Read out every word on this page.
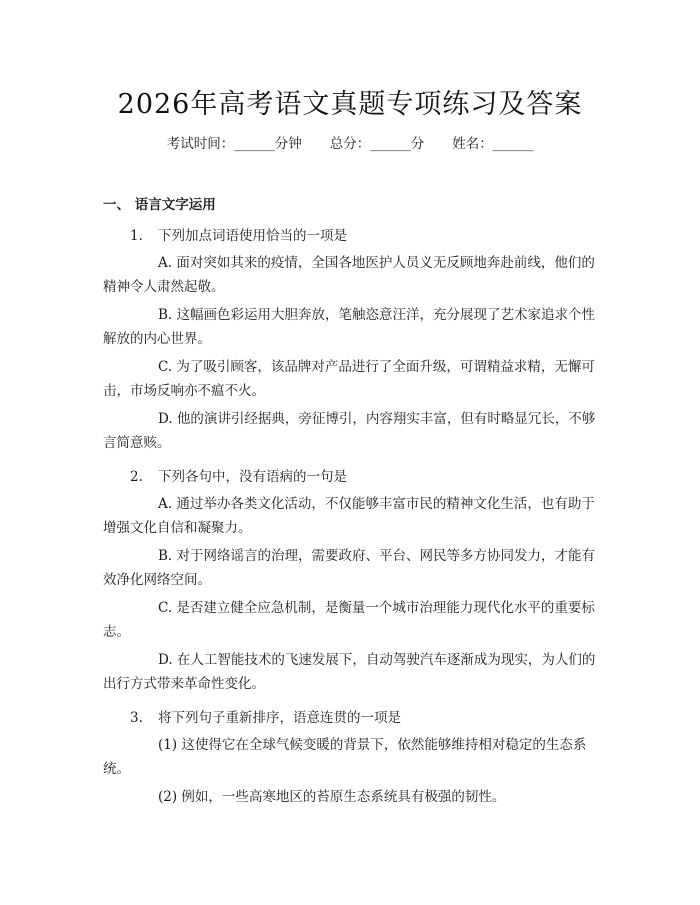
2026年高考语文真题专项练习及答案
考试时间：______分钟 总分：______分 姓名：______
一、 语言文字运用
1. 下列加点词语使用恰当的一项是
A. 面对突如其来的疫情，全国各地医护人员义无反顾地奔赴前线，他们的精神令人肃然起敬。
B. 这幅画色彩运用大胆奔放，笔触恣意汪洋，充分展现了艺术家追求个性解放的内心世界。
C. 为了吸引顾客，该品牌对产品进行了全面升级，可谓精益求精，无懈可击，市场反响亦不瘟不火。
D. 他的演讲引经据典，旁征博引，内容翔实丰富，但有时略显冗长，不够言简意赅。
2. 下列各句中，没有语病的一句是
A. 通过举办各类文化活动，不仅能够丰富市民的精神文化生活，也有助于增强文化自信和凝聚力。
B. 对于网络谣言的治理，需要政府、平台、网民等多方协同发力，才能有效净化网络空间。
C. 是否建立健全应急机制，是衡量一个城市治理能力现代化水平的重要标志。
D. 在人工智能技术的飞速发展下，自动驾驶汽车逐渐成为现实，为人们的出行方式带来革命性变化。
3. 将下列句子重新排序，语意连贯的一项是
(1) 这使得它在全球气候变暖的背景下，依然能够维持相对稳定的生态系统。
(2) 例如，一些高寒地区的苔原生态系统具有极强的韧性。
